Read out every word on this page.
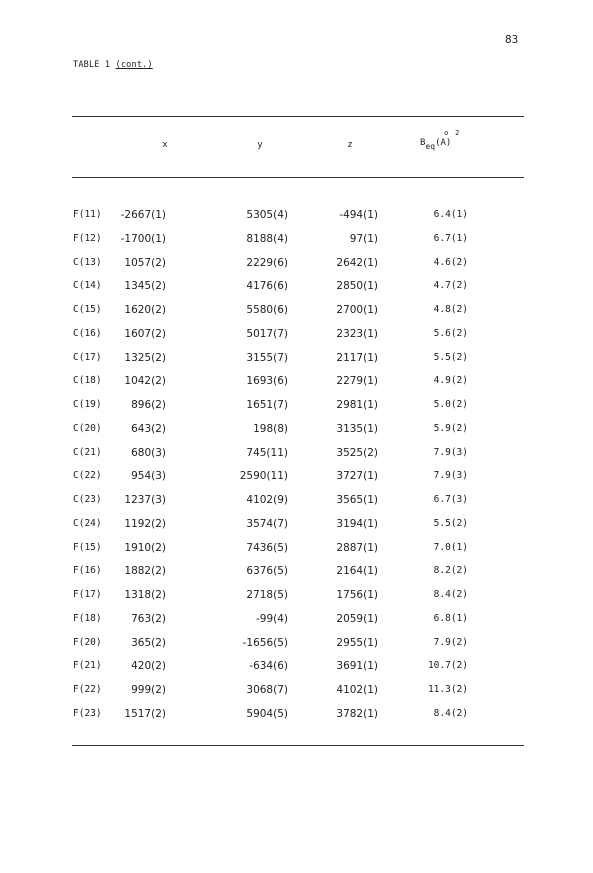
83
TABLE 1 (cont.)
x	y	z	Beq(A
o 2
)
F(11) -2667(1)	5305(4)	-494(1)	6.4(1)
F(12) -1700(1)	8188(4)	97(1)	6.7(1)
C(13) 1057(2)	2229(6)	2642(1)	4.6(2)
C(14) 1345(2)	4176(6)	2850(1)	4.7(2)
C(15) 1620(2)	5580(6)	2700(1)	4.8(2)
C(16) 1607(2)	5017(7)	2323(1)	5.6(2)
C(17) 1325(2)	3155(7)	2117(1)	5.5(2)
C(18) 1042(2)	1693(6)	2279(1)	4.9(2)
C(19)	896(2)	1651(7)	2981(1)	5.0(2)
C(20)	643(2)	198(8)	3135(1)	5.9(2)
C(21)	680(3)	745(11)	3525(2)	7.9(3)
C(22)	954(3)	2590(11)	3727(1)	7.9(3)
C(23) 1237(3)	4102(9)	3565(1)	6.7(3)
C(24) 1192(2)	3574(7)	3194(1)	5.5(2)
F(15) 1910(2)	7436(5)	2887(1)	7.0(1)
F(16) 1882(2)	6376(5)	2164(1)	8.2(2)
F(17) 1318(2)	2718(5)	1756(1)	8.4(2)
F(18)	763(2)	-99(4)	2059(1)	6.8(1)
F(20)	365(2)	-1656(5)	2955(1)	7.9(2)
F(21)	420(2)	-634(6)	3691(1)	10.7(2)
F(22)	999(2)	3068(7)	4102(1)	11.3(2)
F(23) 1517(2)	5904(5)	3782(1)	8.4(2)
